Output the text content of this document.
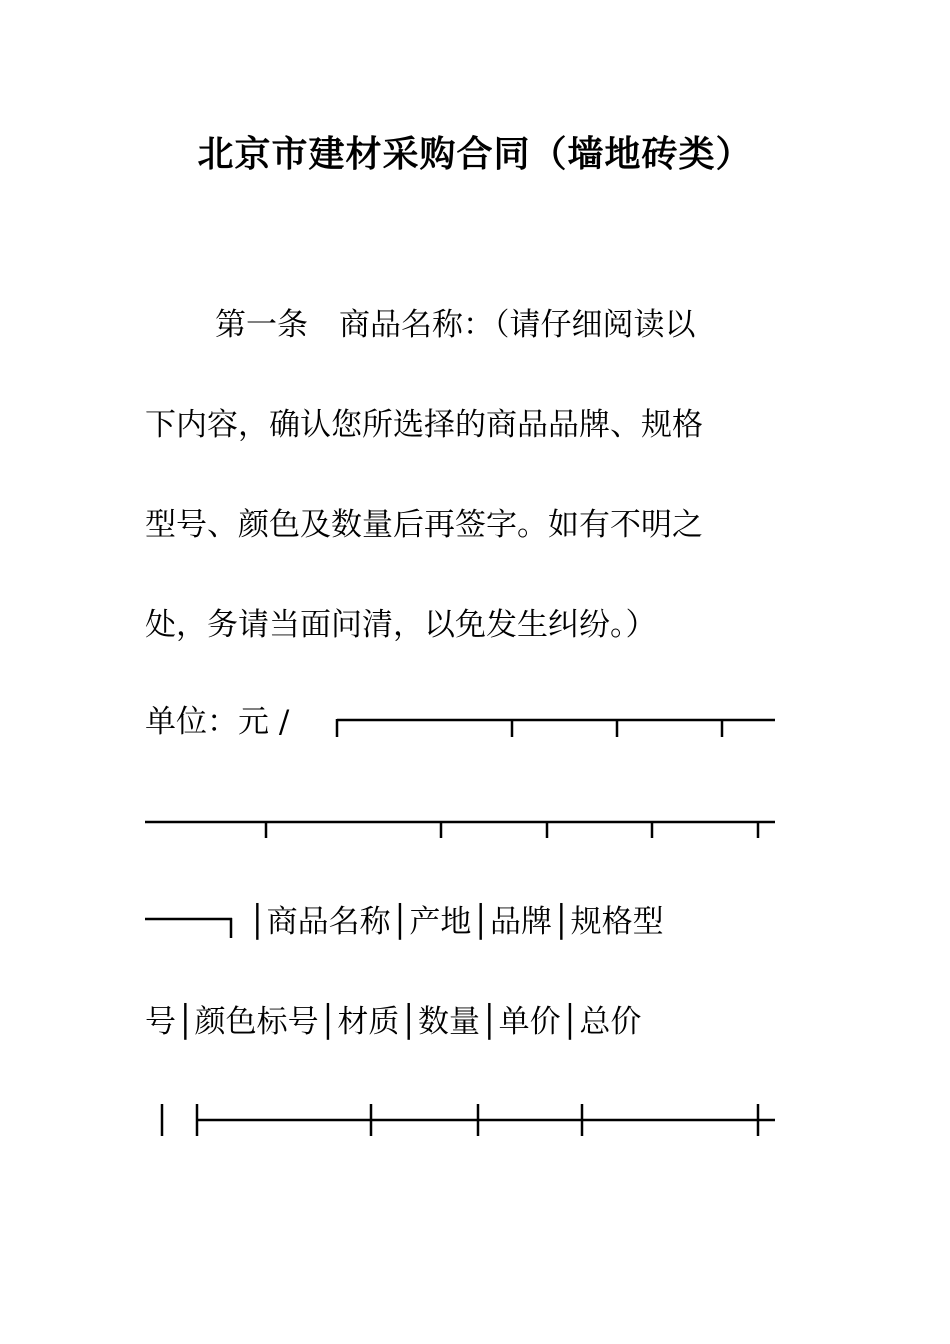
北京市建材采购合同（墙地砖类）
第一条　商品名称：（请仔细阅读以
下内容，确认您所选择的商品品牌、规格
型号、颜色及数量后再签字。如有不明之
处，务请当面问清，以免发生纠纷。）
单位：元 /
│商品名称│产地│品牌│规格型
号│颜色标号│材质│数量│单价│总价
